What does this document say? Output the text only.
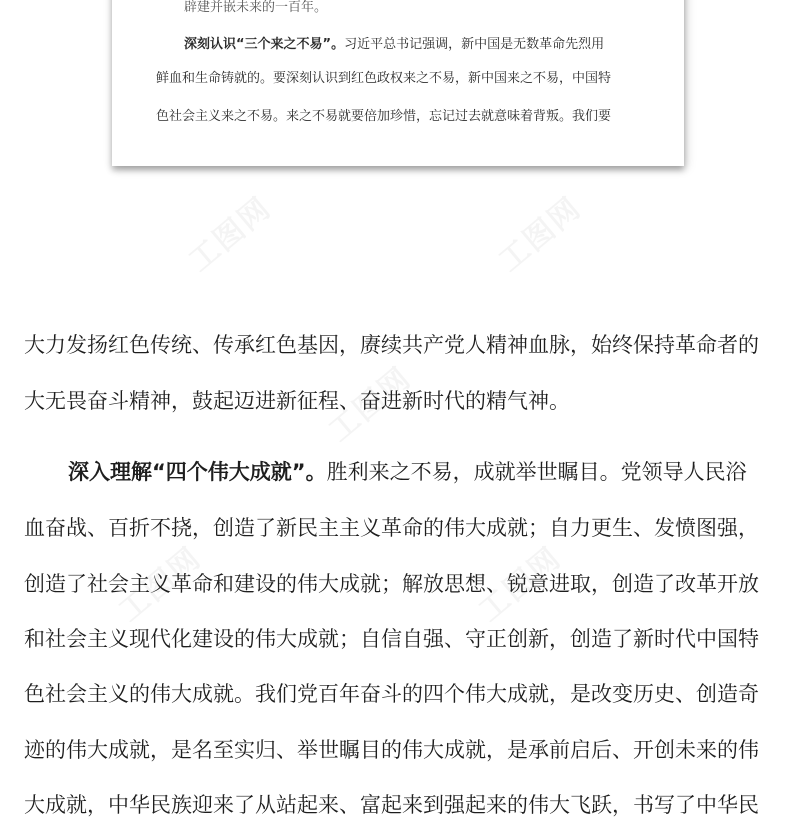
辟建并嵌未来的一百年。
深刻认识“三个来之不易”。习近平总书记强调，新中国是无数革命先烈用
鲜血和生命铸就的。要深刻认识到红色政权来之不易，新中国来之不易，中国特
色社会主义来之不易。来之不易就要倍加珍惜，忘记过去就意味着背叛。我们要
大力发扬红色传统、传承红色基因，赓续共产党人精神血脉，始终保持革命者的
大无畏奋斗精神，鼓起迈进新征程、奋进新时代的精气神。
深入理解“四个伟大成就”。胜利来之不易，成就举世瞩目。党领导人民浴
血奋战、百折不挠，创造了新民主主义革命的伟大成就；自力更生、发愤图强，
创造了社会主义革命和建设的伟大成就；解放思想、锐意进取，创造了改革开放
和社会主义现代化建设的伟大成就；自信自强、守正创新，创造了新时代中国特
色社会主义的伟大成就。我们党百年奋斗的四个伟大成就，是改变历史、创造奇
迹的伟大成就，是名至实归、举世瞩目的伟大成就，是承前启后、开创未来的伟
大成就，中华民族迎来了从站起来、富起来到强起来的伟大飞跃，书写了中华民
